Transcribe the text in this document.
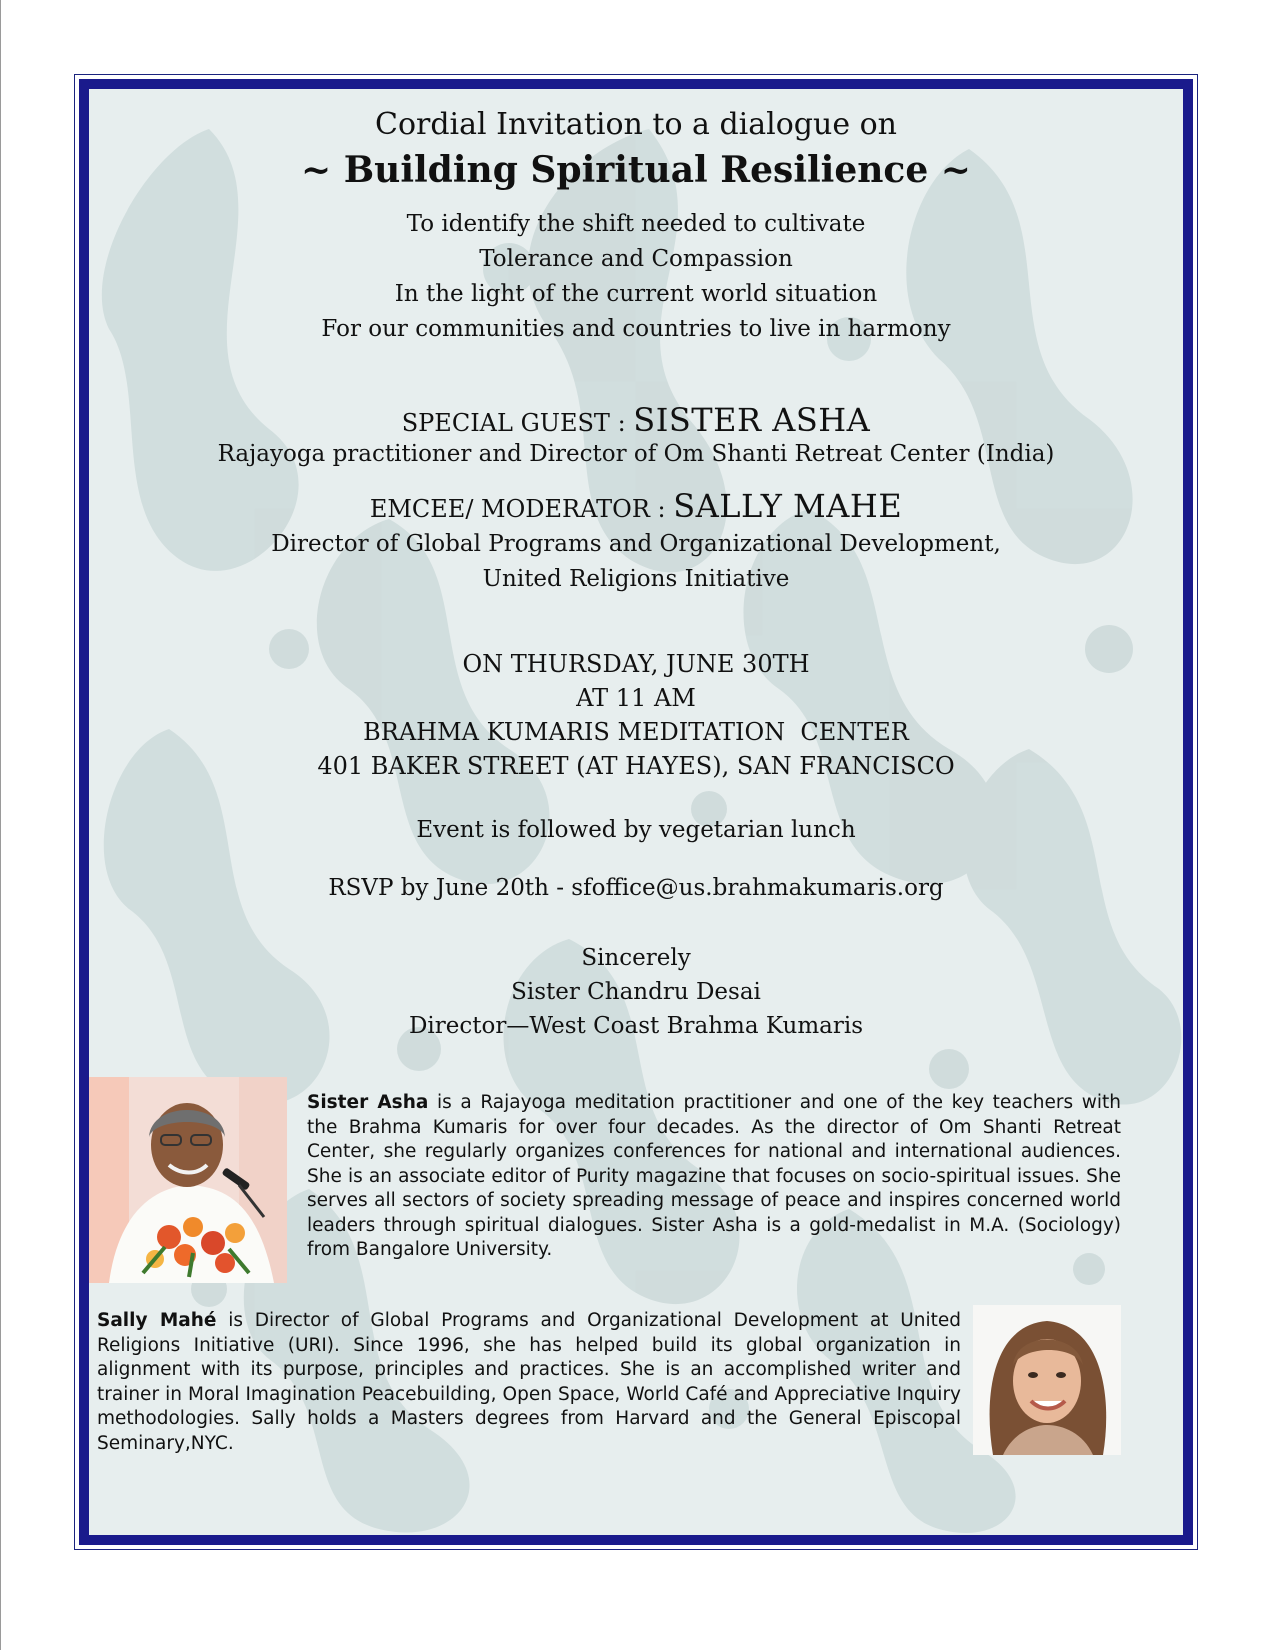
Cordial Invitation to a dialogue on
~ Building Spiritual Resilience ~
To identify the shift needed to cultivate
Tolerance and Compassion
In the light of the current world situation
For our communities and countries to live in harmony
SPECIAL GUEST : SISTER ASHA
Rajayoga practitioner and Director of Om Shanti Retreat Center (India)
EMCEE/ MODERATOR : SALLY MAHE
Director of Global Programs and Organizational Development,
United Religions Initiative
ON THURSDAY, JUNE 30TH
AT 11 AM
BRAHMA KUMARIS MEDITATION  CENTER
401 BAKER STREET (AT HAYES), SAN FRANCISCO
Event is followed by vegetarian lunch
RSVP by June 20th - sfoffice@us.brahmakumaris.org
Sincerely
Sister Chandru Desai
Director—West Coast Brahma Kumaris
Sister Asha is a Rajayoga meditation practitioner and one of the key teachers with the Brahma Kumaris for over four decades. As the director of Om Shanti Retreat Center, she regularly organizes conferences for national and international audiences. She is an associate editor of Purity magazine that focuses on socio-spiritual issues. She serves all sectors of society spreading message of peace and inspires concerned world leaders through spiritual dialogues. Sister Asha is a gold-medalist in M.A. (Sociology) from Bangalore University.
Sally Mahé is Director of Global Programs and Organizational Development at United Religions Initiative (URI). Since 1996, she has helped build its global organization in alignment with its purpose, principles and practices. She is an accomplished writer and trainer in Moral Imagination Peacebuilding, Open Space, World Café and Appreciative Inquiry methodologies. Sally holds a Masters degrees from Harvard and the General Episcopal Seminary,NYC.
